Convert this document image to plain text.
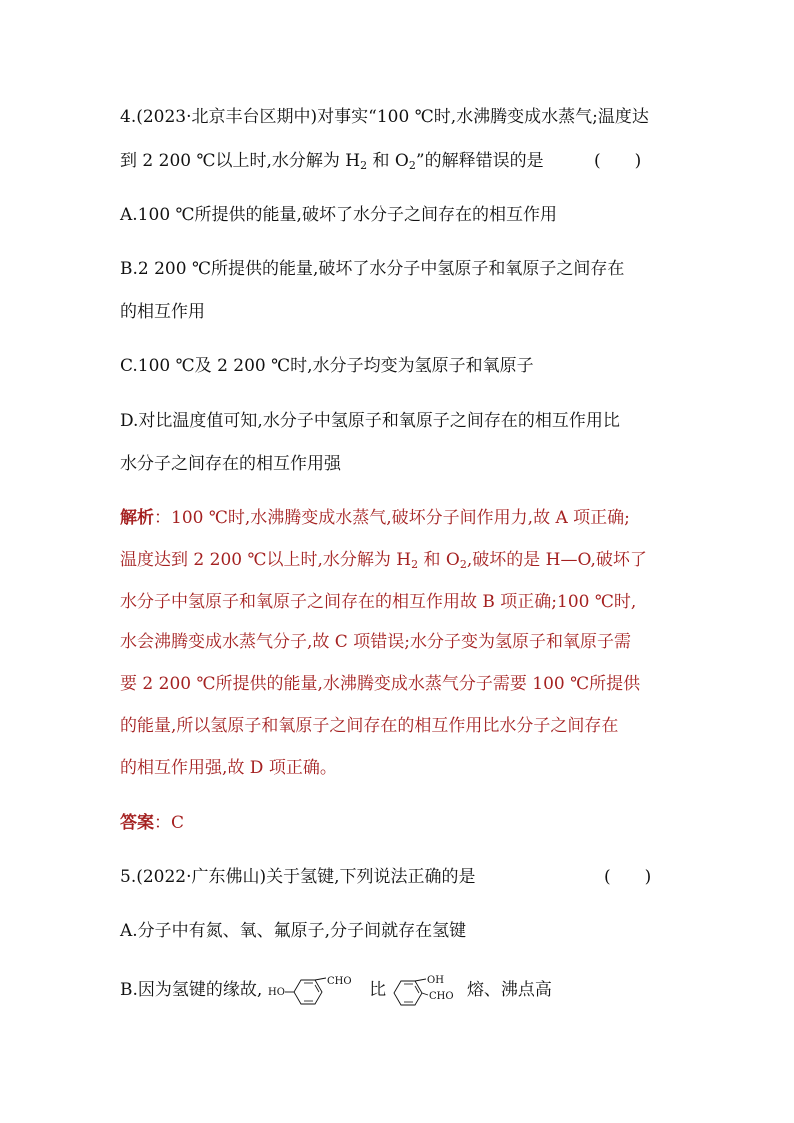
4.(2023·北京丰台区期中)对事实“100 ℃时,水沸腾变成水蒸气;温度达
到 2 200 ℃以上时,水分解为 $H_2$ 和 $O_2$”的解释错误的是	(　　)
A.100 ℃所提供的能量,破坏了水分子之间存在的相互作用
B.2 200 ℃所提供的能量,破坏了水分子中氢原子和氧原子之间存在
的相互作用
C.100 ℃及 2 200 ℃时,水分子均变为氢原子和氧原子
D.对比温度值可知,水分子中氢原子和氧原子之间存在的相互作用比
水分子之间存在的相互作用强
解析：100 ℃时,水沸腾变成水蒸气,破坏分子间作用力,故 A 项正确;
温度达到 2 200 ℃以上时,水分解为 $H_2$ 和 $O_2$,破坏的是 H—O,破坏了
水分子中氢原子和氧原子之间存在的相互作用故 B 项正确;100 ℃时,
水会沸腾变成水蒸气分子,故 C 项错误;水分子变为氢原子和氧原子需
要 2 200 ℃所提供的能量,水沸腾变成水蒸气分子需要 100 ℃所提供
的能量,所以氢原子和氧原子之间存在的相互作用比水分子之间存在
的相互作用强,故 D 项正确。
答案：C
5.(2022·广东佛山)关于氢键,下列说法正确的是	(　　)
A.分子中有氮、氧、氟原子,分子间就存在氢键
B.因为氢键的缘故, HO
CHO 比	OH
CHO 熔、沸点高
